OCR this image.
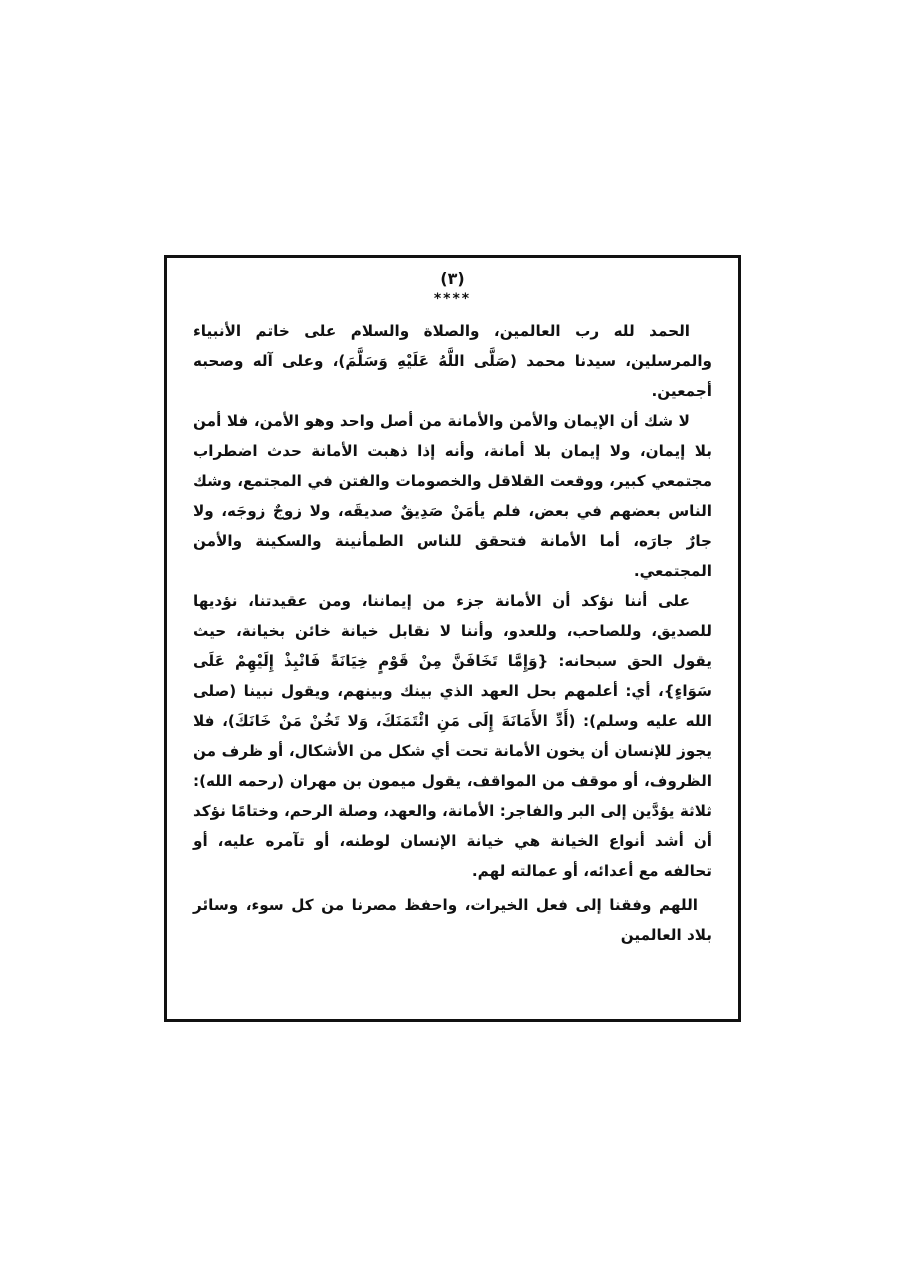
(٣)

****

الحمد لله رب العالمين، والصلاة والسلام على خاتم الأنبياء والمرسلين، سيدنا محمد (صَلَّى اللَّهُ عَلَيْهِ وَسَلَّمَ)، وعلى آله وصحبه أجمعين.

لا شك أن الإيمان والأمن والأمانة من أصل واحد وهو الأمن، فلا أمن بلا إيمان، ولا إيمان بلا أمانة، وأنه إذا ذهبت الأمانة حدث اضطراب مجتمعي كبير، ووقعت القلاقل والخصومات والفتن في المجتمع، وشك الناس بعضهم في بعض، فلم يأمَنْ صَدِيقٌ صديقَه، ولا زوجٌ زوجَه، ولا جارٌ جارَه، أما الأمانة فتحقق للناس الطمأنينة والسكينة والأمن المجتمعي.

على أننا نؤكد أن الأمانة جزء من إيماننا، ومن عقيدتنا، نؤديها للصديق، وللصاحب، وللعدو، وأننا لا نقابل خيانة خائن بخيانة، حيث يقول الحق سبحانه: {وَإِمَّا تَخَافَنَّ مِنْ قَوْمٍ خِيَانَةً فَانْبِذْ إِلَيْهِمْ عَلَى سَوَاءٍ}، أي: أعلمهم بحل العهد الذي بينك وبينهم، ويقول نبينا (صلى الله عليه وسلم): (أَدِّ الأَمَانَةَ إِلَى مَنِ ائْتَمَنَكَ، وَلا تَخُنْ مَنْ خَانَكَ)، فلا يجوز للإنسان أن يخون الأمانة تحت أي شكل من الأشكال، أو ظرف من الظروف، أو موقف من المواقف، يقول ميمون بن مهران (رحمه الله): ثلاثة يؤدَّين إلى البر والفاجر: الأمانة، والعهد، وصلة الرحم، وختامًا نؤكد أن أشد أنواع الخيانة هي خيانة الإنسان لوطنه، أو تآمره عليه، أو تحالفه مع أعدائه، أو عمالته لهم.

اللهم وفقنا إلى فعل الخيرات، واحفظ مصرنا من كل سوء، وسائر بلاد العالمين
